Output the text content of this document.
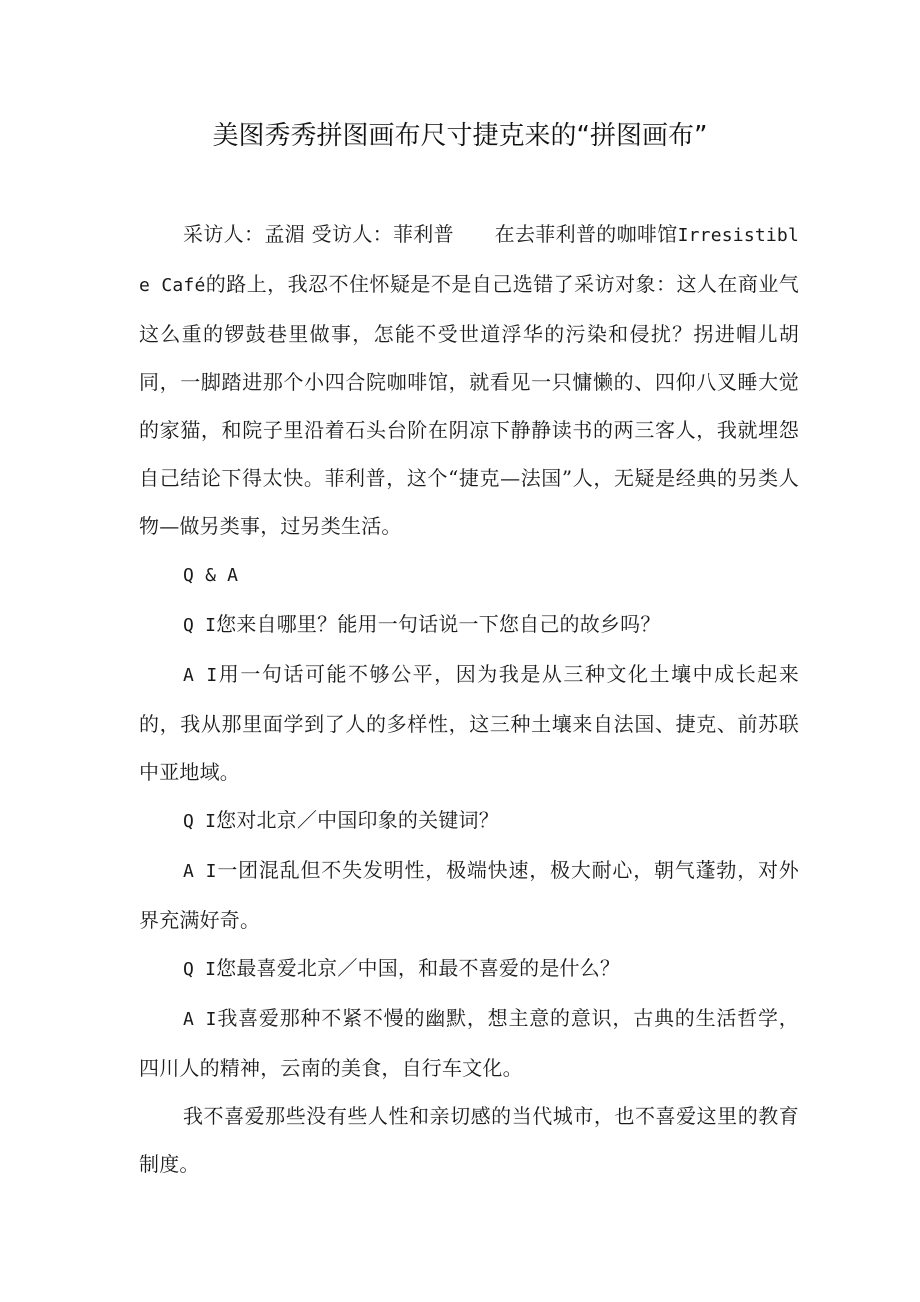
美图秀秀拼图画布尺寸捷克来的“拼图画布”

采访人：孟湄 受访人：菲利普　　在去菲利普的咖啡馆Irresistible Café的路上，我忍不住怀疑是不是自己选错了采访对象：这人在商业气这么重的锣鼓巷里做事，怎能不受世道浮华的污染和侵扰？拐进帽儿胡同，一脚踏进那个小四合院咖啡馆，就看见一只慵懒的、四仰八叉睡大觉的家猫，和院子里沿着石头台阶在阴凉下静静读书的两三客人，我就埋怨自己结论下得太快。菲利普，这个“捷克—法国”人，无疑是经典的另类人物—做另类事，过另类生活。

Q & A

Q I您来自哪里？能用一句话说一下您自己的故乡吗？

A I用一句话可能不够公平，因为我是从三种文化土壤中成长起来的，我从那里面学到了人的多样性，这三种土壤来自法国、捷克、前苏联中亚地域。

Q I您对北京／中国印象的关键词？

A I一团混乱但不失发明性，极端快速，极大耐心，朝气蓬勃，对外界充满好奇。

Q I您最喜爱北京／中国，和最不喜爱的是什么？

A I我喜爱那种不紧不慢的幽默，想主意的意识，古典的生活哲学，四川人的精神，云南的美食，自行车文化。

我不喜爱那些没有些人性和亲切感的当代城市，也不喜爱这里的教育制度。
